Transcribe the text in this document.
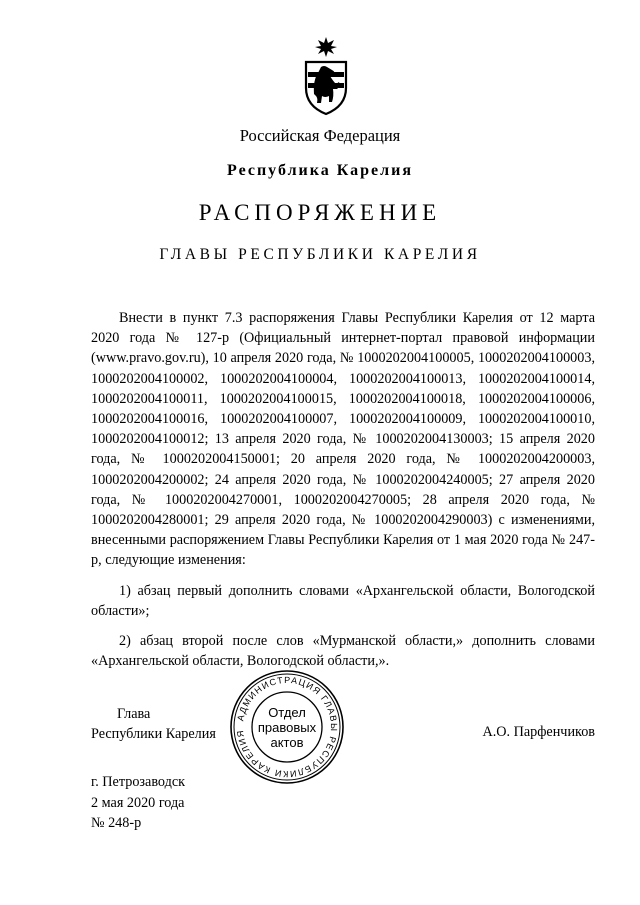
Российская Федерация
Республика Карелия
РАСПОРЯЖЕНИЕ
ГЛАВЫ РЕСПУБЛИКИ КАРЕЛИЯ

Внести в пункт 7.3 распоряжения Главы Республики Карелия от 12 марта 2020 года № 127-р (Официальный интернет-портал правовой информации (www.pravo.gov.ru), 10 апреля 2020 года, № 1000202004100005, 1000202004100003, 1000202004100002, 1000202004100004, 1000202004100013, 1000202004100014, 1000202004100011, 1000202004100015, 1000202004100018, 1000202004100006, 1000202004100016, 1000202004100007, 1000202004100009, 1000202004100010, 1000202004100012; 13 апреля 2020 года, № 1000202004130003; 15 апреля 2020 года, № 1000202004150001; 20 апреля 2020 года, № 1000202004200003, 1000202004200002; 24 апреля 2020 года, № 1000202004240005; 27 апреля 2020 года, № 1000202004270001, 1000202004270005; 28 апреля 2020 года, № 1000202004280001; 29 апреля 2020 года, № 1000202004290003) с изменениями, внесенными распоряжением Главы Республики Карелия от 1 мая 2020 года № 247-р, следующие изменения:

1) абзац первый дополнить словами «Архангельской области, Вологодской области»;

2) абзац второй после слов «Мурманской области,» дополнить словами «Архангельской области, Вологодской области,».

Глава
Республики Карелия
АДМИНИСТРАЦИЯ ГЛАВЫ РЕСПУБЛИКИ КАРЕЛИЯ
Отдел
правовых
актов
А.О. Парфенчиков
г. Петрозаводск
2 мая 2020 года
№ 248-р
